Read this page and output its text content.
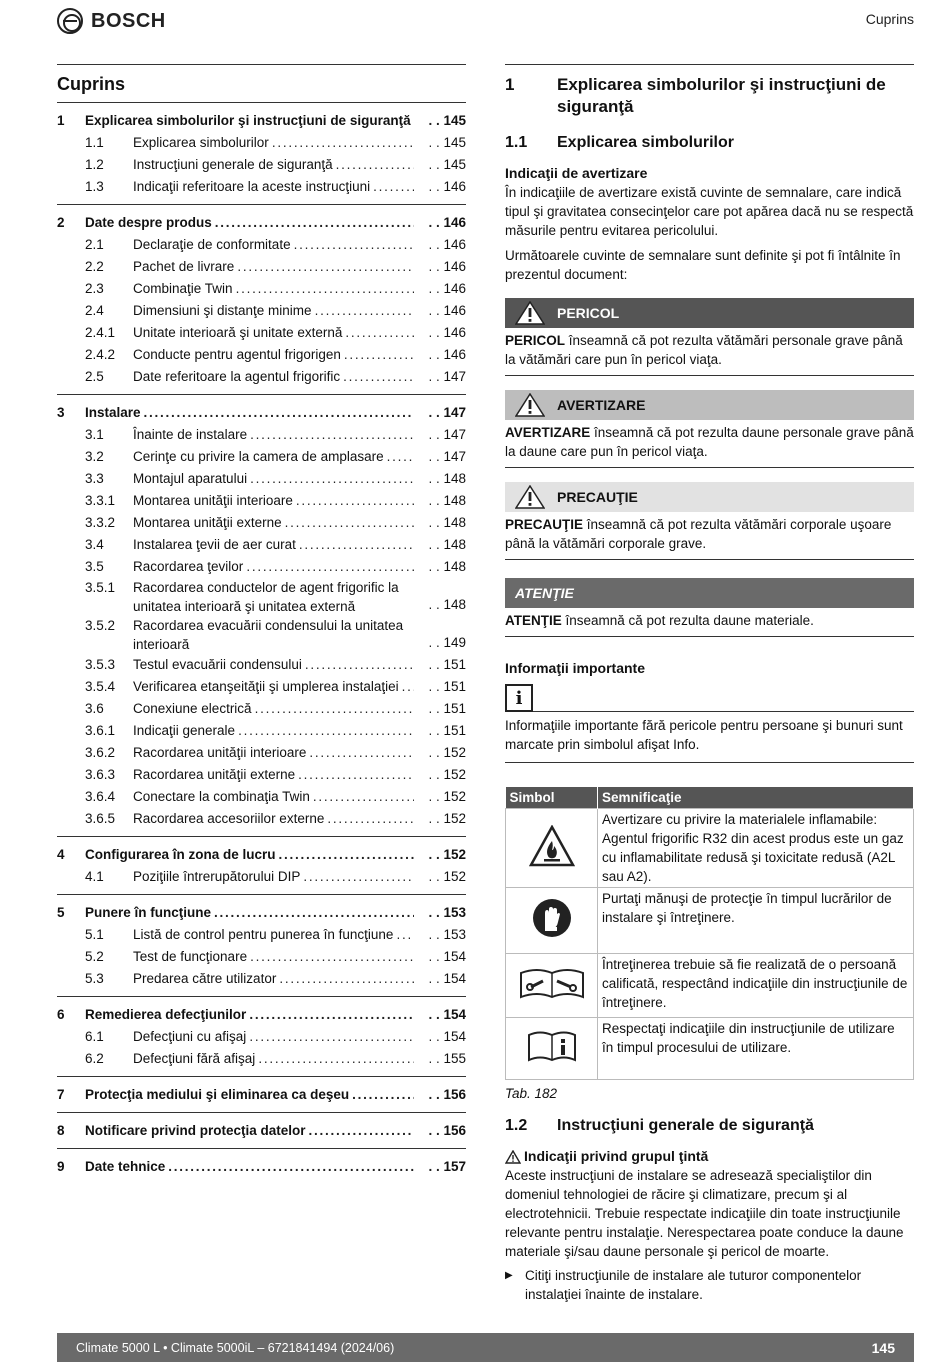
BOSCH	Cuprins
Cuprins
1	Explicarea simbolurilor şi instrucţiuni de siguranţă . . .	. . 145
1.1	Explicarea simbolurilor . . .	. . 145
1.2	Instrucţiuni generale de siguranţă . . .	. . 145
1.3	Indicaţii referitoare la aceste instrucţiuni . . .	. . 146
2	Date despre produs . . .	. . 146
2.1	Declaraţie de conformitate . . .	. . 146
2.2	Pachet de livrare . . .	. . 146
2.3	Combinaţie Twin . . .	. . 146
2.4	Dimensiuni şi distanţe minime . . .	. . 146
2.4.1	Unitate interioară şi unitate externă . . .	. . 146
2.4.2	Conducte pentru agentul frigorigen . . .	. . 146
2.5	Date referitoare la agentul frigorific . . .	. . 147
3	Instalare . . .	. . 147
3.1	Înainte de instalare . . .	. . 147
3.2	Cerinţe cu privire la camera de amplasare . . .	. . 147
3.3	Montajul aparatului . . .	. . 148
3.3.1	Montarea unităţii interioare . . .	. . 148
3.3.2	Montarea unităţii externe . . .	. . 148
3.4	Instalarea ţevii de aer curat . . .	. . 148
3.5	Racordarea ţevilor . . .	. . 148
3.5.1	Racordarea conductelor de agent frigorific la unitatea interioară şi unitatea externă	. . 148
3.5.2	Racordarea evacuării condensului la unitatea interioară	. . 149
3.5.3	Testul evacuării condensului . . .	. . 151
3.5.4	Verificarea etanşeităţii şi umplerea instalaţiei . . .	. . 151
3.6	Conexiune electrică . . .	. . 151
3.6.1	Indicaţii generale . . .	. . 151
3.6.2	Racordarea unităţii interioare . . .	. . 152
3.6.3	Racordarea unităţii externe . . .	. . 152
3.6.4	Conectare la combinaţia Twin . . .	. . 152
3.6.5	Racordarea accesoriilor externe . . .	. . 152
4	Configurarea în zona de lucru . . .	. . 152
4.1	Poziţiile întrerupătorului DIP . . .	. . 152
5	Punere în funcţiune . . .	. . 153
5.1	Listă de control pentru punerea în funcţiune . . .	. . 153
5.2	Test de funcţionare . . .	. . 154
5.3	Predarea către utilizator . . .	. . 154
6	Remedierea defecţiunilor . . .	. . 154
6.1	Defecţiuni cu afişaj . . .	. . 154
6.2	Defecţiuni fără afişaj . . .	. . 155
7	Protecţia mediului şi eliminarea ca deşeu . . .	. . 156
8	Notificare privind protecţia datelor . . .	. . 156
9	Date tehnice . . .	. . 157
1	Explicarea simbolurilor şi instrucţiuni de siguranţă
1.1	Explicarea simbolurilor
Indicaţii de avertizare

În indicaţiile de avertizare există cuvinte de semnalare, care indică tipul şi gravitatea consecinţelor care pot apărea dacă nu se respectă măsurile pentru evitarea pericolului.

Următoarele cuvinte de semnalare sunt definite şi pot fi întâlnite în prezentul document:

PERICOL

PERICOL înseamnă că pot rezulta vătămări personale grave până la vătămări care pun în pericol viaţa.

AVERTIZARE

AVERTIZARE înseamnă că pot rezulta daune personale grave până la daune care pun în pericol viaţa.

PRECAUŢIE

PRECAUŢIE înseamnă că pot rezulta vătămări corporale uşoare până la vătămări corporale grave.

ATENŢIE

ATENŢIE înseamnă că pot rezulta daune materiale.

Informaţii importante
i

Informaţiile importante fără pericole pentru persoane şi bunuri sunt marcate prin simbolul afişat Info.

Simbol	Semnificaţie
	Avertizare cu privire la materialele inflamabile: Agentul frigorific R32 din acest produs este un gaz cu inflamabilitate redusă şi toxicitate redusă (A2L sau A2).
	Purtaţi mănuşi de protecţie în timpul lucrărilor de instalare şi întreţinere.
	Întreţinerea trebuie să fie realizată de o persoană calificată, respectând indicaţiile din instrucţiunile de întreţinere.
	Respectaţi indicaţiile din instrucţiunile de utilizare în timpul procesului de utilizare.
Tab. 182
1.2	Instrucţiuni generale de siguranţă
Indicaţii privind grupul ţintă

Aceste instrucţiuni de instalare se adresează specialiştilor din domeniul tehnologiei de răcire şi climatizare, precum şi al electrotehnicii. Trebuie respectate indicaţiile din toate instrucţiunile relevante pentru instalaţie. Nerespectarea poate conduce la daune materiale şi/sau daune personale şi pericol de moarte.

▶ Citiţi instrucţiunile de instalare ale tuturor componentelor instalaţiei înainte de instalare.
Climate 5000 L • Climate 5000iL – 6721841494 (2024/06)	145
